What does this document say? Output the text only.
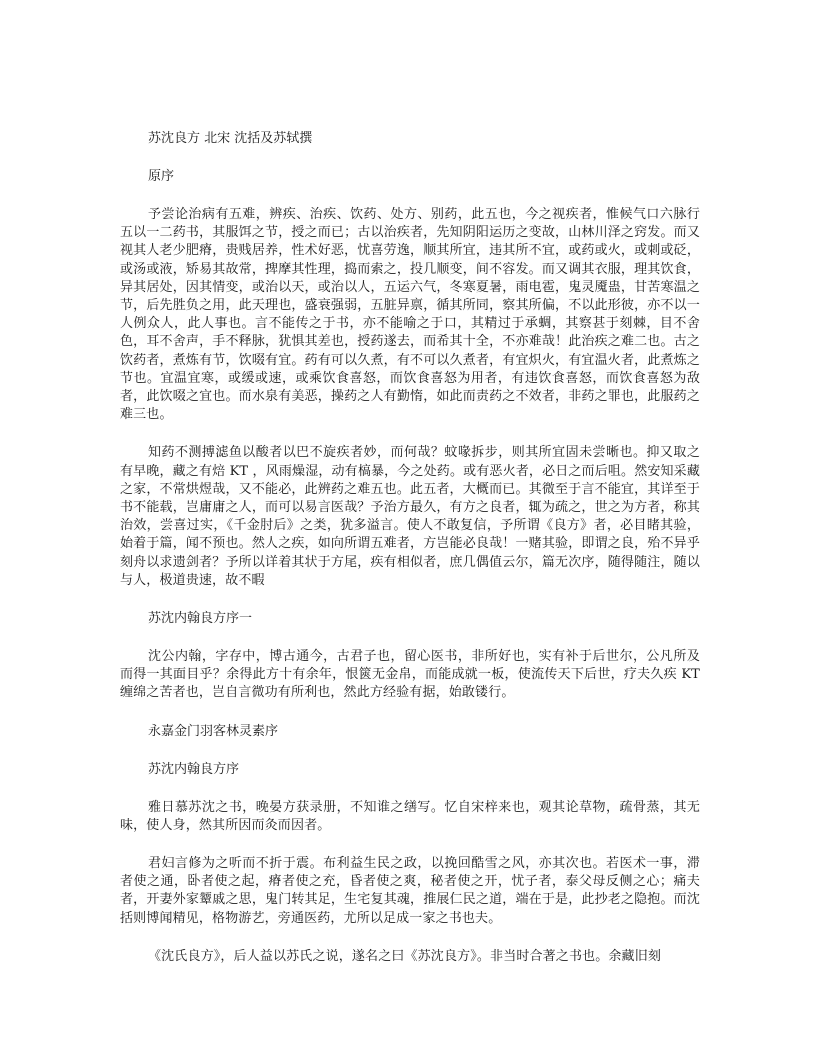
苏沈良方 北宋 沈括及苏轼撰
原序

予尝论治病有五难，辨疾、治疾、饮药、处方、别药，此五也，今之视疾者，惟候气口六脉行五以一二药书，其服饵之节，授之而已；古以治疾者，先知阴阳运历之变故，山林川泽之窍发。而又视其人老少肥瘠，贵贱居养，性术好恶，忧喜劳逸，顺其所宜，违其所不宜，或药或火，或刺或砭，或汤或液，矫易其故常，捭摩其性理，捣而索之，投几顺变，间不容发。而又调其衣服，理其饮食，异其居处，因其情变，或治以天，或治以人，五运六气，冬寒夏暑，雨电雹，鬼灵魇蛊，甘苦寒温之节，后先胜负之用，此天理也，盛衰强弱，五脏异禀，循其所同，察其所偏，不以此形彼，亦不以一人例众人，此人事也。言不能传之于书，亦不能喻之于口，其精过于承蜩，其察甚于刻棘，目不舍色，耳不舍声，手不释脉，犹惧其差也，授药遂去，而希其十全，不亦难哉！此治疾之难二也。古之饮药者，煮炼有节，饮啜有宜。药有可以久煮，有不可以久煮者，有宜炽火，有宜温火者，此煮炼之节也。宜温宜寒，或缓或速，或乘饮食喜怒，而饮食喜怒为用者，有违饮食喜怒，而饮食喜怒为敌者，此饮啜之宜也。而水泉有美恶，操药之人有勤惰，如此而责药之不效者，非药之罪也，此服药之难三也。

知药不测搏滤鱼以酸者以巴不旋疾者妙，而何哉？蚊喙拆步，则其所宜固未尝晰也。抑又取之有早晚，藏之有焙 KT ，风雨燥湿，动有槁暴，今之处药。或有恶火者，必日之而后咀。然安知采藏之家，不常烘煜哉，又不能必，此辨药之难五也。此五者，大概而已。其微至于言不能宜，其详至于书不能载，岂庸庸之人，而可以易言医哉？予治方最久，有方之良者，辄为疏之，世之为方者，称其治效，尝喜过实，《千金肘后》之类，犹多溢言。使人不敢复信，予所谓《良方》者，必目睹其验，始着于篇，闻不预也。然人之疾，如向所谓五难者，方岂能必良哉！一赌其验，即谓之良，殆不异乎刻舟以求遗剑者？予所以详着其状于方尾，疾有相似者，庶几偶值云尔，篇无次序，随得随注，随以与人，极道贵速，故不暇

苏沈内翰良方序一

沈公内翰，字存中，博古通今，古君子也，留心医书，非所好也，实有补于后世尔，公凡所及而得一其面目乎？余得此方十有余年，恨篋无金帛，而能成就一板，使流传天下后世，疗夫久疾 KT 缠绵之苦者也，岂自言微功有所利也，然此方经验有据，始敢镂行。

永嘉金门羽客林灵素序
苏沈内翰良方序

雅日慕苏沈之书，晚晏方获录册，不知谁之缮写。忆自宋梓来也，观其论草物，疏骨蒸，其无味，使人身，然其所因而灸而因者。

君妇言修为之听而不折于震。布利益生民之政，以挽回酷雪之风，亦其次也。若医术一事，滞者使之通，卧者使之起，瘠者使之充，昏者使之爽，秘者使之开，忧子者，泰父母反侧之心；痛夫者，开妻外家颦戚之思，鬼门转其足，生宅复其魂，推展仁民之道，端在于是，此抄老之隐抱。而沈括则博闻精见，格物游艺，旁通医药，尤所以足成一家之书也夫。

《沈氏良方》，后人益以苏氏之说，遂名之曰《苏沈良方》。非当时合著之书也。余藏旧刻
